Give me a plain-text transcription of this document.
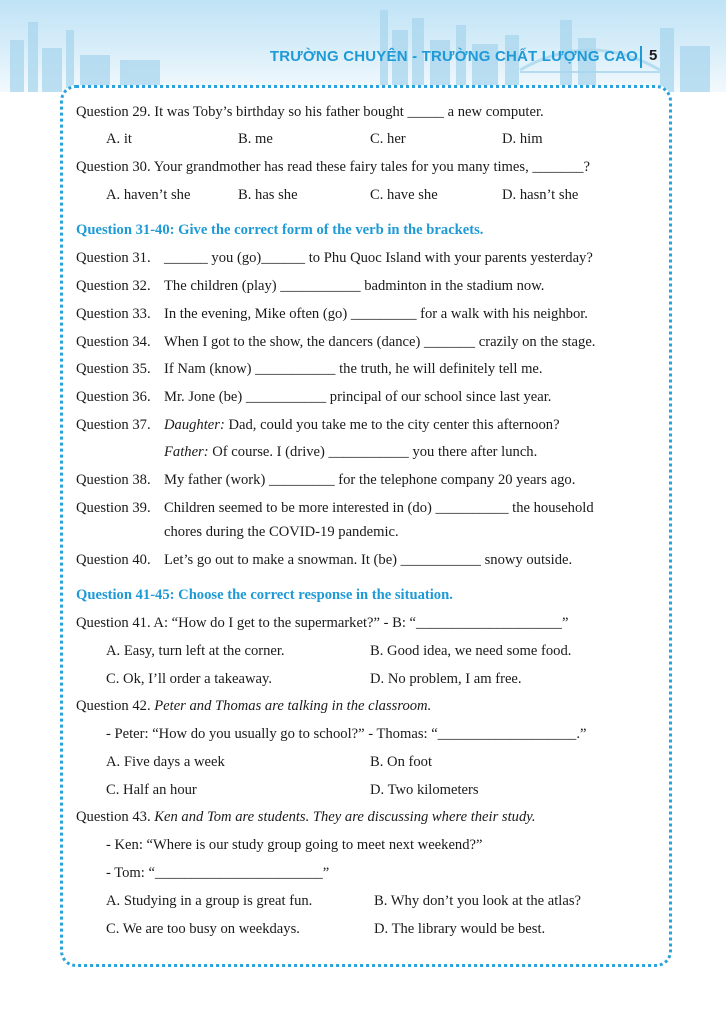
TRƯỜNG CHUYÊN - TRƯỜNG CHẤT LƯỢNG CAO 5
Question 29. It was Toby’s birthday so his father bought _____ a new computer.
A. it	B. me	C. her	D. him
Question 30. Your grandmother has read these fairy tales for you many times, _______?
A. haven’t she	B. has she	C. have she	D. hasn’t she
Question 31-40: Give the correct form of the verb in the brackets.
Question 31. ______ you (go)______ to Phu Quoc Island with your parents yesterday?
Question 32. The children (play) ___________ badminton in the stadium now.
Question 33. In the evening, Mike often (go) _________ for a walk with his neighbor.
Question 34. When I got to the show, the dancers (dance) _______ crazily on the stage.
Question 35. If Nam (know) ___________ the truth, he will definitely tell me.
Question 36. Mr. Jone (be) ___________ principal of our school since last year.
Question 37. Daughter: Dad, could you take me to the city center this afternoon?
Father: Of course. I (drive) ___________ you there after lunch.
Question 38. My father (work) _________ for the telephone company 20 years ago.
Question 39. Children seemed to be more interested in (do) __________ the household
chores during the COVID-19 pandemic.
Question 40. Let’s go out to make a snowman. It (be) ___________ snowy outside.
Question 41-45: Choose the correct response in the situation.
Question 41. A: “How do I get to the supermarket?” - B: “____________________”
A. Easy, turn left at the corner.	B. Good idea, we need some food.
C. Ok, I’ll order a takeaway.	D. No problem, I am free.
Question 42. Peter and Thomas are talking in the classroom.
- Peter: “How do you usually go to school?” - Thomas: “___________________.”
A. Five days a week	B. On foot
C. Half an hour	D. Two kilometers
Question 43. Ken and Tom are students. They are discussing where their study.
- Ken: “Where is our study group going to meet next weekend?”
- Tom: “_______________________”
A. Studying in a group is great fun.	B. Why don’t you look at the atlas?
C. We are too busy on weekdays.	D. The library would be best.
